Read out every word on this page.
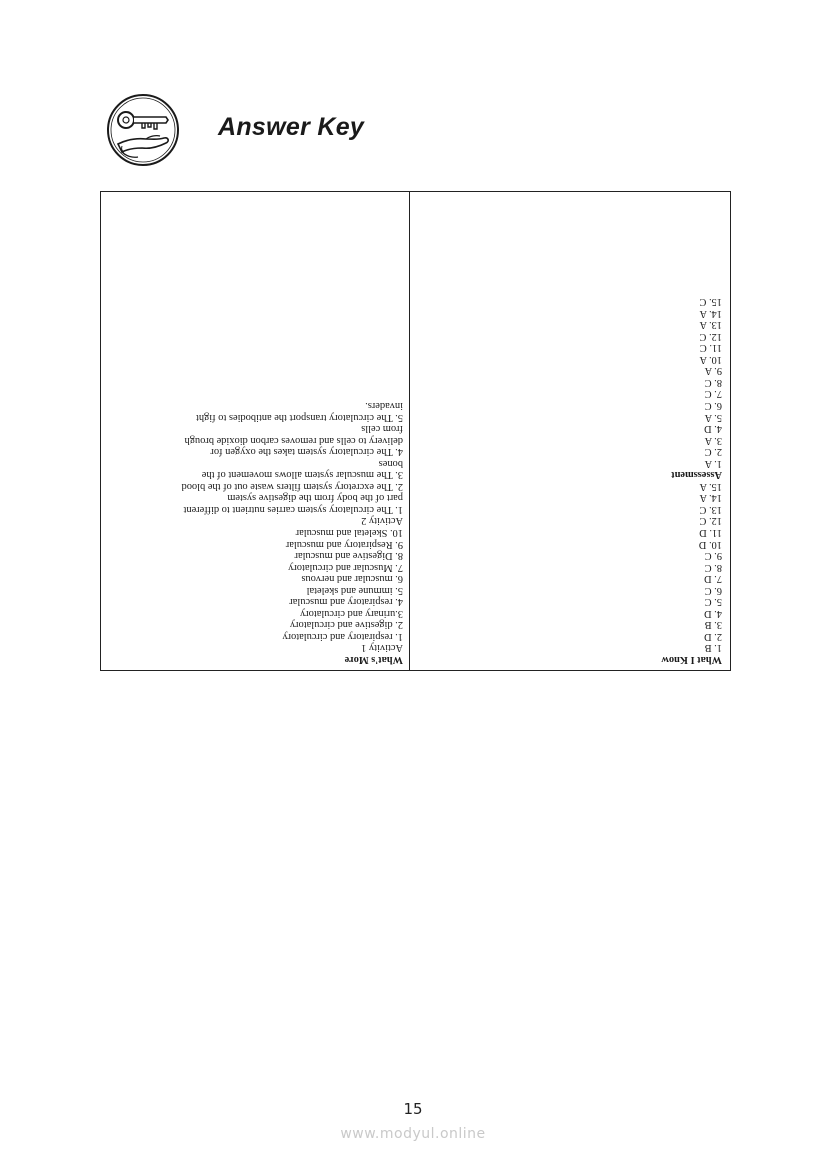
Answer Key
What I Know
1. B
2. D
3. B
4. D
5. C
6. C
7. D
8. C
9. C
10. D
11. D
12. C
13. C
14. A
15. A
Assessment
1. A
2. C
3. A
4. D
5. A
6. C
7. C
8. C
9. A
10. A
11. C
12. C
13. A
14. A
15. C
What's More
Activity 1
1. respiratory and circulatory
2. digestive and circulatory
3.urinary and circulatory
4. respiratory and muscular
5. immune and skeletal
6. muscular and nervous
7. Muscular and circulatory
8. Digestive and muscular
9. Respiratory and muscular
10. Skeletal and muscular
Activity 2
1. The circulatory system carries nutrient to different
part of the body from the digestive system
2. The excretory system filters waste out of the blood
3. The muscular system allows movement of the
bones
4. The circulatory system takes the oxygen for
delivery to cells and removes carbon dioxide brough
from cells
5. The circulatory transport the antibodies to fight
invaders.
15
www.modyul.online
